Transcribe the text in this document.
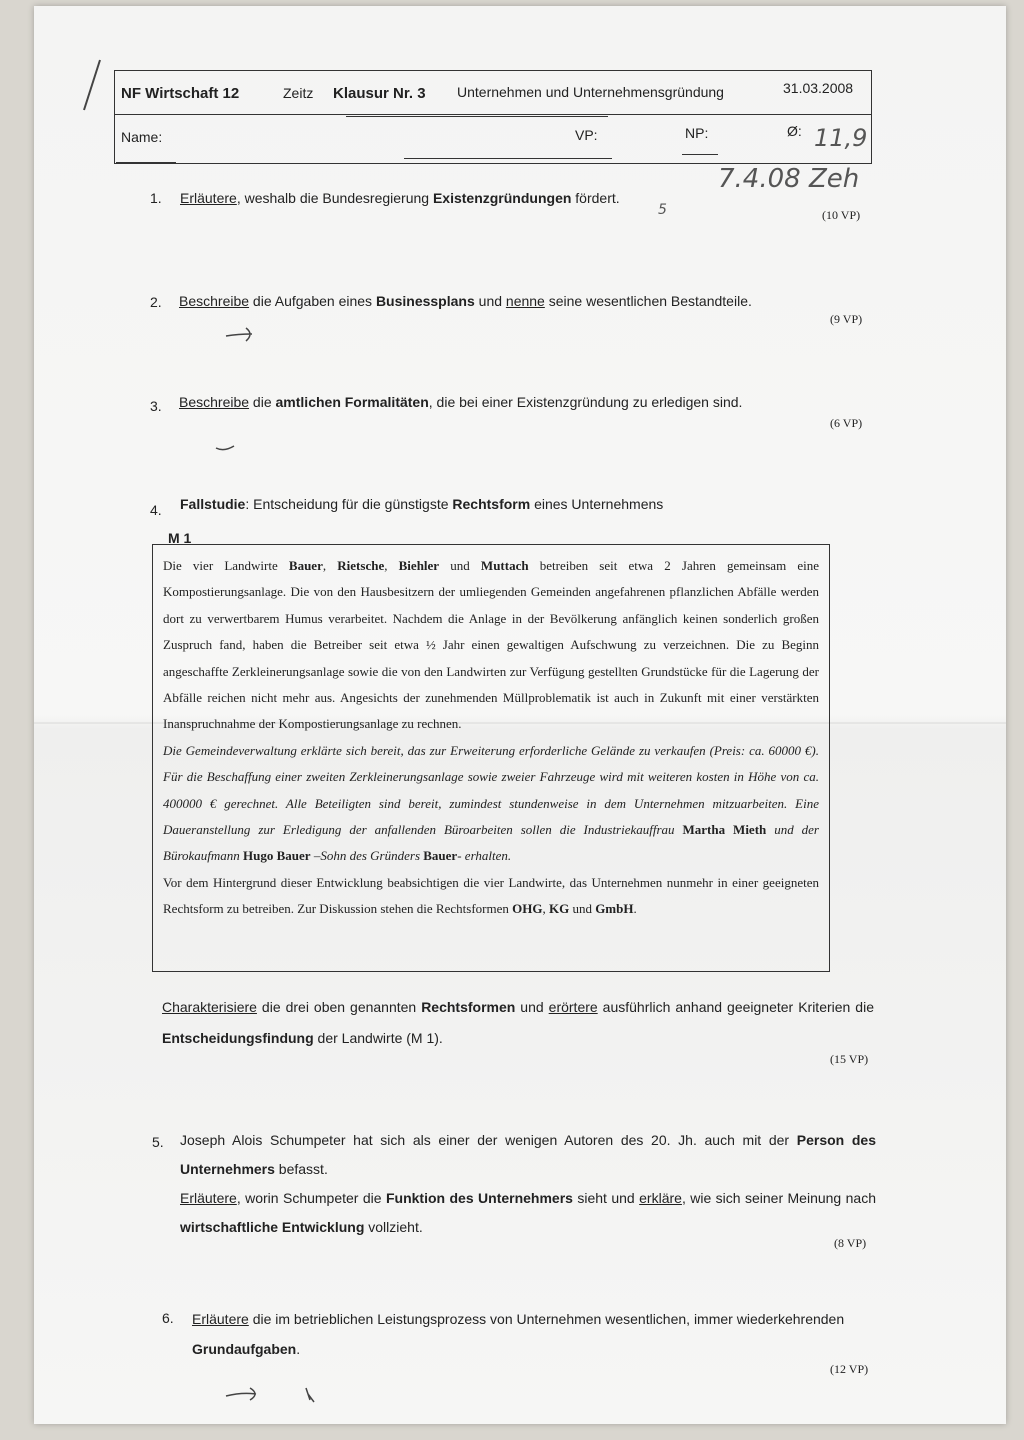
NF Wirtschaft 12	Zeitz Klausur Nr. 3 Unternehmen und Unternehmensgründung	31.03.2008
Name:	VP:	NP:	Ø: 11,9
7.4.08 Zeh
5
1. Erläutere, weshalb die Bundesregierung Existenzgründungen fördert.
(10 VP)
2. Beschreibe die Aufgaben eines Businessplans und nenne seine wesentlichen Bestandteile.
(9 VP)
3. Beschreibe die amtlichen Formalitäten, die bei einer Existenzgründung zu erledigen sind.
(6 VP)
4. Fallstudie: Entscheidung für die günstigste Rechtsform eines Unternehmens
M 1

Die vier Landwirte Bauer, Rietsche, Biehler und Muttach betreiben seit etwa 2 Jahren gemeinsam eine Kompostierungsanlage. Die von den Hausbesitzern der umliegenden Gemeinden angefahrenen pflanzlichen Abfälle werden dort zu verwertbarem Humus verarbeitet. Nachdem die Anlage in der Bevölkerung anfänglich keinen sonderlich großen Zuspruch fand, haben die Betreiber seit etwa ½ Jahr einen gewaltigen Aufschwung zu verzeichnen. Die zu Beginn angeschaffte Zerkleinerungsanlage sowie die von den Landwirten zur Verfügung gestellten Grundstücke für die Lagerung der Abfälle reichen nicht mehr aus. Angesichts der zunehmenden Müllproblematik ist auch in Zukunft mit einer verstärkten Inanspruchnahme der Kompostierungsanlage zu rechnen.

Die Gemeindeverwaltung erklärte sich bereit, das zur Erweiterung erforderliche Gelände zu verkaufen (Preis: ca. 60000 €). Für die Beschaffung einer zweiten Zerkleinerungsanlage sowie zweier Fahrzeuge wird mit weiteren kosten in Höhe von ca. 400000 € gerechnet. Alle Beteiligten sind bereit, zumindest stundenweise in dem Unternehmen mitzuarbeiten. Eine Daueranstellung zur Erledigung der anfallenden Büroarbeiten sollen die Industriekauffrau Martha Mieth und der Bürokaufmann Hugo Bauer –Sohn des Gründers Bauer- erhalten.

Vor dem Hintergrund dieser Entwicklung beabsichtigen die vier Landwirte, das Unternehmen nunmehr in einer geeigneten Rechtsform zu betreiben. Zur Diskussion stehen die Rechtsformen OHG, KG und GmbH.

Charakterisiere die drei oben genannten Rechtsformen und erörtere ausführlich anhand geeigneter Kriterien die Entscheidungsfindung der Landwirte (M 1).
(15 VP)
5. Joseph Alois Schumpeter hat sich als einer der wenigen Autoren des 20. Jh. auch mit der Person des Unternehmers befasst.
Erläutere, worin Schumpeter die Funktion des Unternehmers sieht und erkläre, wie sich seiner Meinung nach wirtschaftliche Entwicklung vollzieht.
(8 VP)
6. Erläutere die im betrieblichen Leistungsprozess von Unternehmen wesentlichen, immer wiederkehrenden Grundaufgaben.
(12 VP)
